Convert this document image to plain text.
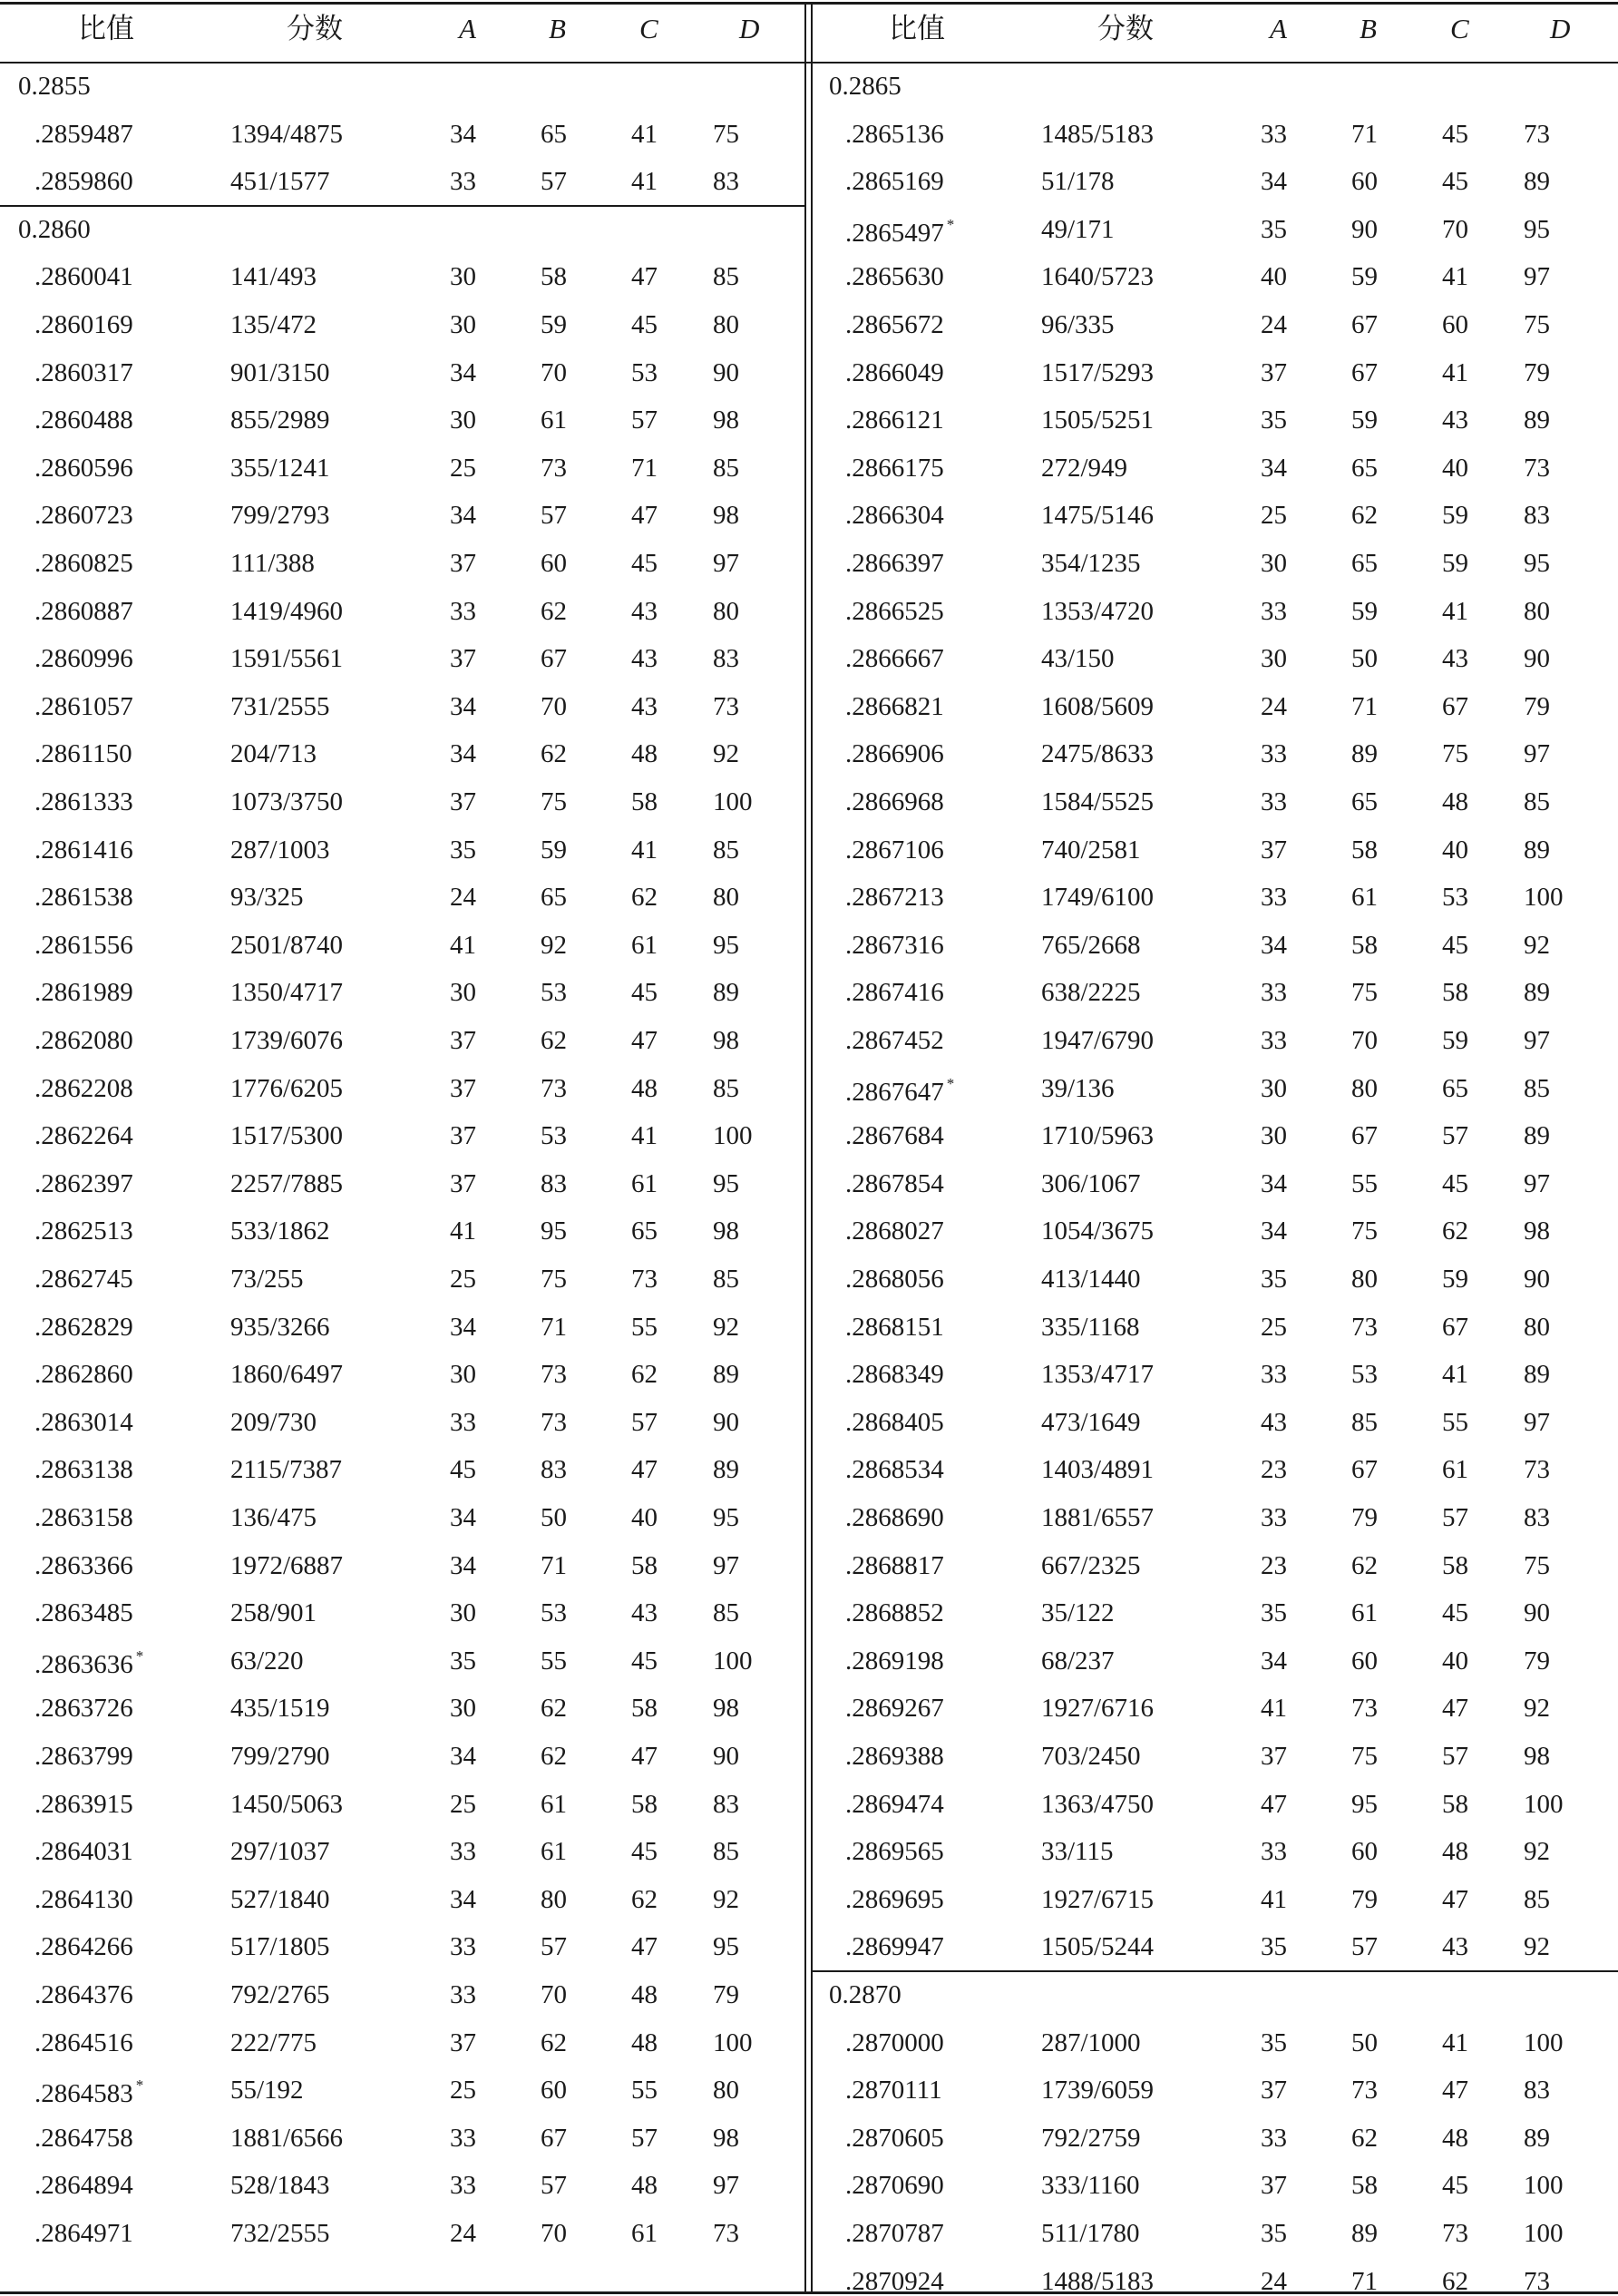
比值	分数	A	B	C	D	比值	分数	A	B	C	D
0.2855
.2859487	1394/4875	34 65 41 75
.2859860	451/1577	33 57 41 83
0.2860
.2860041	141/493	30 58 47 85
.2860169	135/472	30 59 45 80
.2860317	901/3150	34 70 53 90
.2860488	855/2989	30 61 57 98
.2860596	355/1241	25 73 71 85
.2860723	799/2793	34 57 47 98
.2860825	111/388	37 60 45 97
.2860887	1419/4960	33 62 43 80
.2860996	1591/5561	37 67 43 83
.2861057	731/2555	34 70 43 73
.2861150	204/713	34 62 48 92
.2861333	1073/3750	37 75 58 100
.2861416	287/1003	35 59 41 85
.2861538	93/325	24 65 62 80
.2861556	2501/8740	41 92 61 95
.2861989	1350/4717	30 53 45 89
.2862080	1739/6076	37 62 47 98
.2862208	1776/6205	37 73 48 85
.2862264	1517/5300	37 53 41 100
.2862397	2257/7885	37 83 61 95
.2862513	533/1862	41 95 65 98
.2862745	73/255	25 75 73 85
.2862829	935/3266	34 71 55 92
.2862860	1860/6497	30 73 62 89
.2863014	209/730	33 73 57 90
.2863138	2115/7387	45 83 47 89
.2863158	136/475	34 50 40 95
.2863366	1972/6887	34 71 58 97
.2863485	258/901	30 53 43 85
.2863636 *	63/220	35 55 45 100
.2863726	435/1519	30 62 58 98
.2863799	799/2790	34 62 47 90
.2863915	1450/5063	25 61 58 83
.2864031	297/1037	33 61 45 85
.2864130	527/1840	34 80 62 92
.2864266	517/1805	33 57 47 95
.2864376	792/2765	33 70 48 79
.2864516	222/775	37 62 48 100
.2864583 *	55/192	25 60 55 80
.2864758	1881/6566	33 67 57 98
.2864894	528/1843	33 57 48 97
.2864971	732/2555	24 70 61 73
0.2865
.2865136	1485/5183	33 71 45 73
.2865169	51/178	34 60 45 89
.2865497 *	49/171	35 90 70 95
.2865630	1640/5723	40 59 41 97
.2865672	96/335	24 67 60 75
.2866049	1517/5293	37 67 41 79
.2866121	1505/5251	35 59 43 89
.2866175	272/949	34 65 40 73
.2866304	1475/5146	25 62 59 83
.2866397	354/1235	30 65 59 95
.2866525	1353/4720	33 59 41 80
.2866667	43/150	30 50 43 90
.2866821	1608/5609	24 71 67 79
.2866906	2475/8633	33 89 75 97
.2866968	1584/5525	33 65 48 85
.2867106	740/2581	37 58 40 89
.2867213	1749/6100	33 61 53 100
.2867316	765/2668	34 58 45 92
.2867416	638/2225	33 75 58 89
.2867452	1947/6790	33 70 59 97
.2867647 *	39/136	30 80 65 85
.2867684	1710/5963	30 67 57 89
.2867854	306/1067	34 55 45 97
.2868027	1054/3675	34 75 62 98
.2868056	413/1440	35 80 59 90
.2868151	335/1168	25 73 67 80
.2868349	1353/4717	33 53 41 89
.2868405	473/1649	43 85 55 97
.2868534	1403/4891	23 67 61 73
.2868690	1881/6557	33 79 57 83
.2868817	667/2325	23 62 58 75
.2868852	35/122	35 61 45 90
.2869198	68/237	34 60 40 79
.2869267	1927/6716	41 73 47 92
.2869388	703/2450	37 75 57 98
.2869474	1363/4750	47 95 58 100
.2869565	33/115	33 60 48 92
.2869695	1927/6715	41 79 47 85
.2869947	1505/5244	35 57 43 92
0.2870
.2870000	287/1000	35 50 41 100
.2870111	1739/6059	37 73 47 83
.2870605	792/2759	33 62 48 89
.2870690	333/1160	37 58 45 100
.2870787	511/1780	35 89 73 100
.2870924	1488/5183	24 71 62 73
